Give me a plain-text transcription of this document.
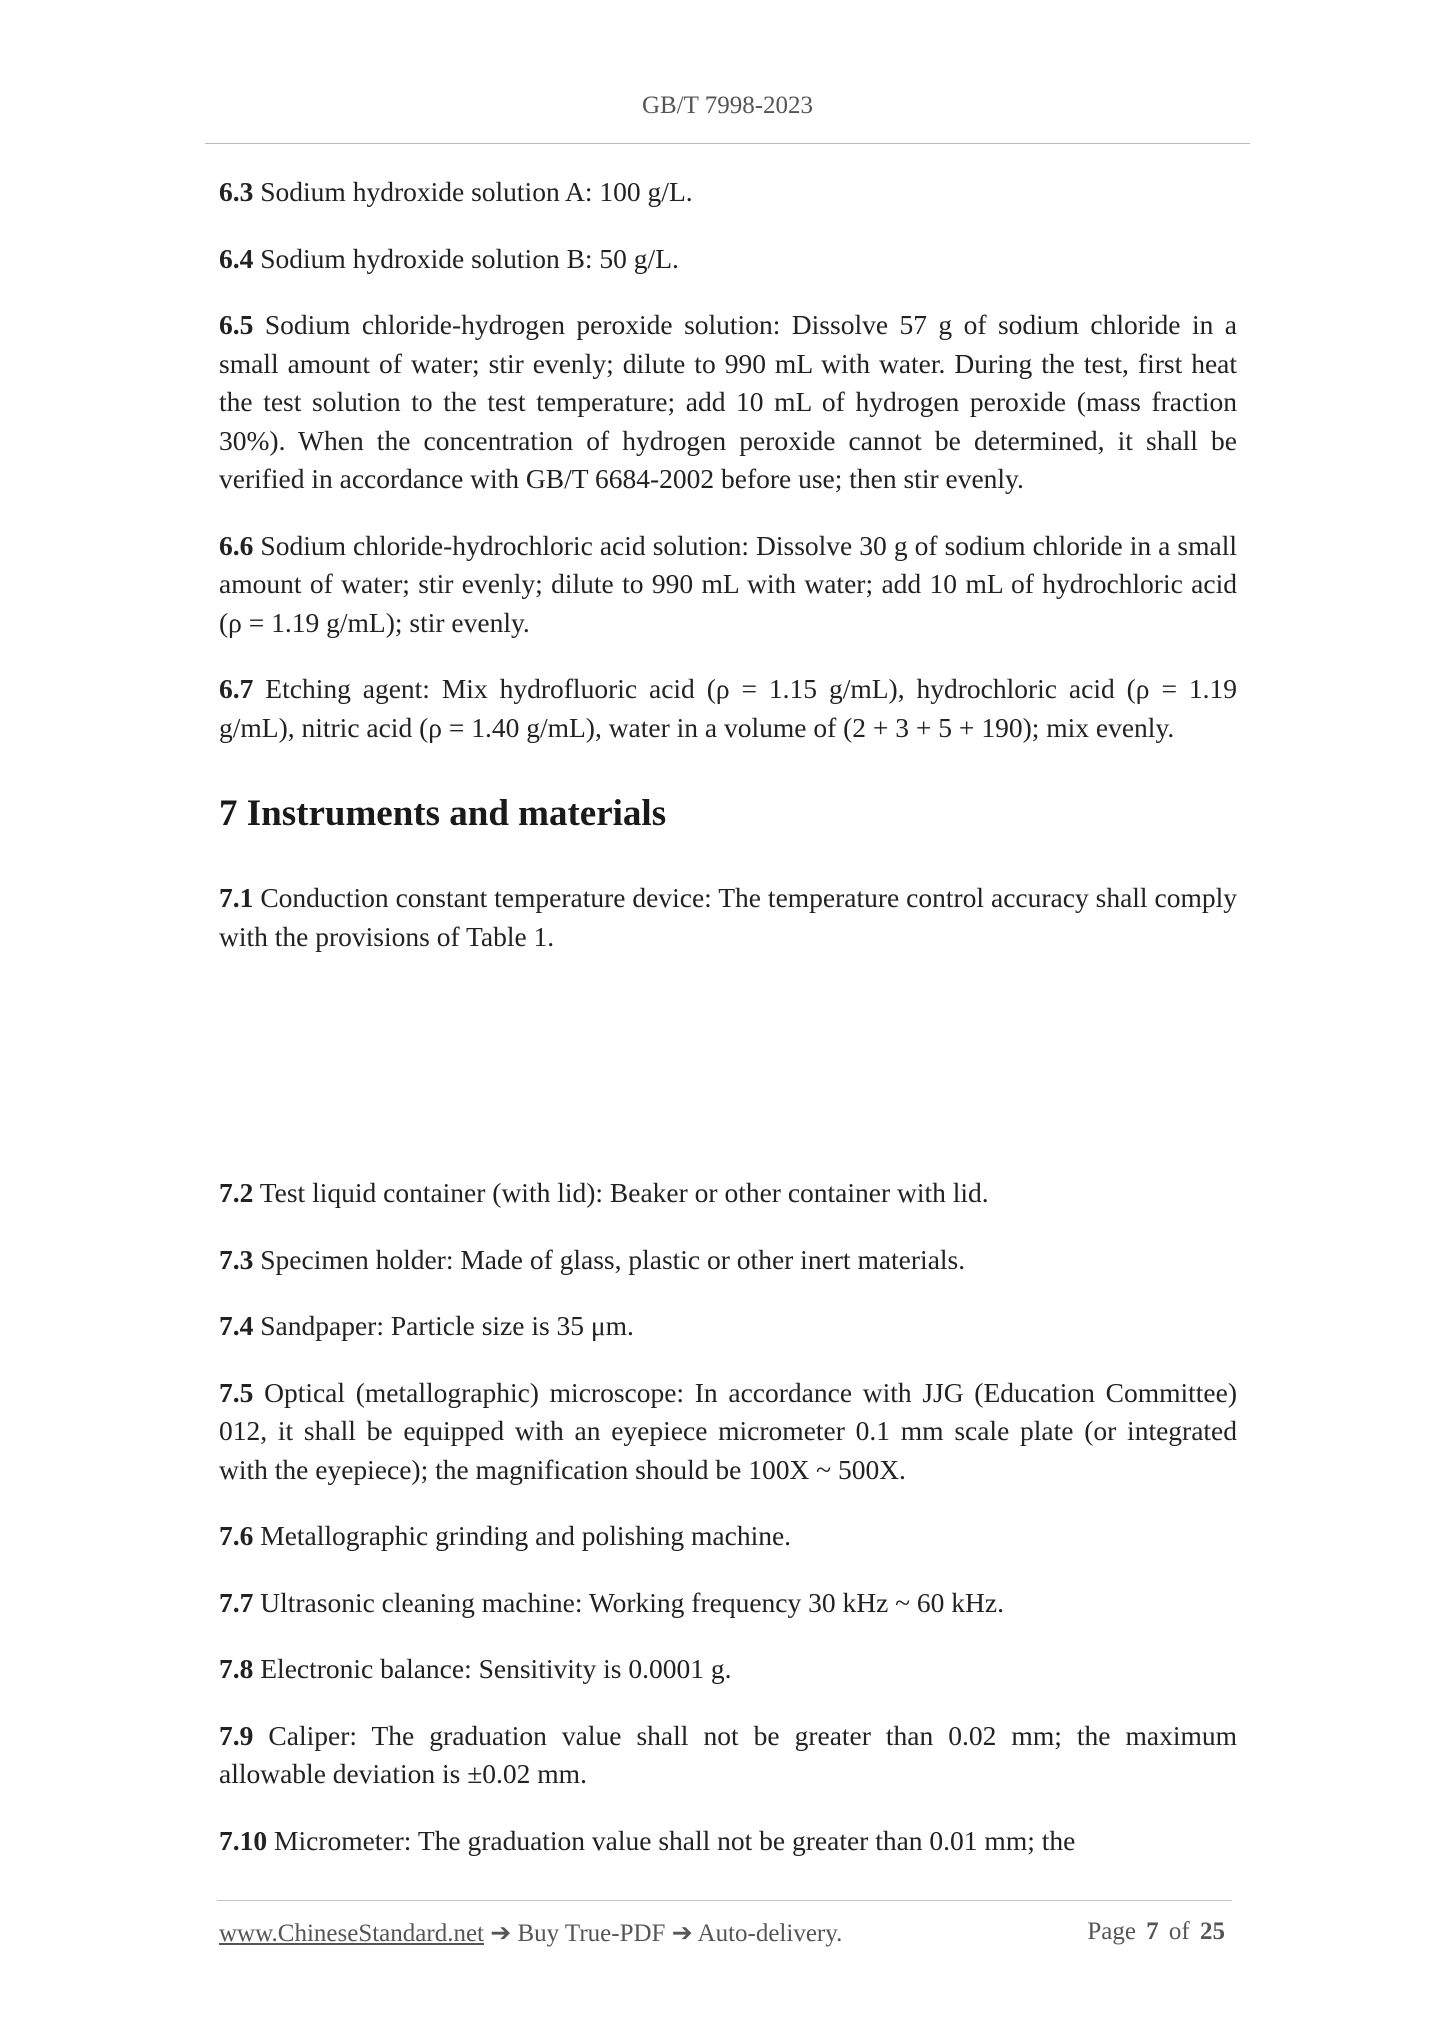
GB/T 7998-2023

6.3 Sodium hydroxide solution A: 100 g/L.

6.4 Sodium hydroxide solution B: 50 g/L.

6.5 Sodium chloride-hydrogen peroxide solution: Dissolve 57 g of sodium chloride in a small amount of water; stir evenly; dilute to 990 mL with water. During the test, first heat the test solution to the test temperature; add 10 mL of hydrogen peroxide (mass fraction 30%). When the concentration of hydrogen peroxide cannot be determined, it shall be verified in accordance with GB/T 6684-2002 before use; then stir evenly.

6.6 Sodium chloride-hydrochloric acid solution: Dissolve 30 g of sodium chloride in a small amount of water; stir evenly; dilute to 990 mL with water; add 10 mL of hydrochloric acid (ρ = 1.19 g/mL); stir evenly.

6.7 Etching agent: Mix hydrofluoric acid (ρ = 1.15 g/mL), hydrochloric acid (ρ = 1.19 g/mL), nitric acid (ρ = 1.40 g/mL), water in a volume of (2 + 3 + 5 + 190); mix evenly.

7 Instruments and materials

7.1 Conduction constant temperature device: The temperature control accuracy shall comply with the provisions of Table 1.

7.2 Test liquid container (with lid): Beaker or other container with lid.

7.3 Specimen holder: Made of glass, plastic or other inert materials.

7.4 Sandpaper: Particle size is 35 μm.

7.5 Optical (metallographic) microscope: In accordance with JJG (Education Committee) 012, it shall be equipped with an eyepiece micrometer 0.1 mm scale plate (or integrated with the eyepiece); the magnification should be 100X ~ 500X.

7.6 Metallographic grinding and polishing machine.

7.7 Ultrasonic cleaning machine: Working frequency 30 kHz ~ 60 kHz.

7.8 Electronic balance: Sensitivity is 0.0001 g.

7.9 Caliper: The graduation value shall not be greater than 0.02 mm; the maximum allowable deviation is ±0.02 mm.

7.10 Micrometer: The graduation value shall not be greater than 0.01 mm; the

www.ChineseStandard.net ➔ Buy True-PDF ➔ Auto-delivery.	Page 7 of 25
